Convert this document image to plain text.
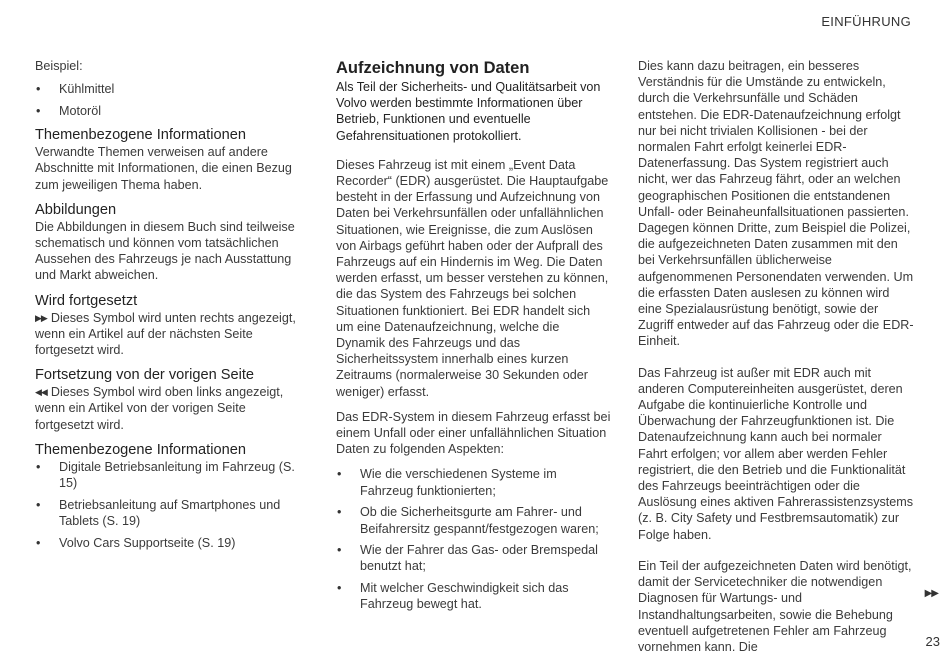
EINFÜHRUNG

Beispiel:

• Kühlmittel
• Motoröl
Themenbezogene Informationen

Verwandte Themen verweisen auf andere Abschnitte mit Informationen, die einen Bezug zum jeweiligen Thema haben.

Abbildungen

Die Abbildungen in diesem Buch sind teilweise schematisch und können vom tatsächlichen Aussehen des Fahrzeugs je nach Ausstattung und Markt abweichen.

Wird fortgesetzt

▶▶ Dieses Symbol wird unten rechts angezeigt, wenn ein Artikel auf der nächsten Seite fortgesetzt wird.

Fortsetzung von der vorigen Seite

◀◀ Dieses Symbol wird oben links angezeigt, wenn ein Artikel von der vorigen Seite fortgesetzt wird.

Themenbezogene Informationen
• Digitale Betriebsanleitung im Fahrzeug (S. 15)
• Betriebsanleitung auf Smartphones und Tablets (S. 19)
• Volvo Cars Supportseite (S. 19)
Aufzeichnung von Daten

Als Teil der Sicherheits- und Qualitätsarbeit von Volvo werden bestimmte Informationen über Betrieb, Funktionen und eventuelle Gefahrensituationen protokolliert.

Dieses Fahrzeug ist mit einem „Event Data Recorder“ (EDR) ausgerüstet. Die Hauptaufgabe besteht in der Erfassung und Aufzeichnung von Daten bei Verkehrsunfällen oder unfallähnlichen Situationen, wie Ereignisse, die zum Auslösen von Airbags geführt haben oder der Aufprall des Fahrzeugs auf ein Hindernis im Weg. Die Daten werden erfasst, um besser verstehen zu können, die das System des Fahrzeugs bei solchen Situationen funktioniert. Bei EDR handelt sich um eine Datenaufzeichnung, welche die Dynamik des Fahrzeugs und das Sicherheitssystem innerhalb eines kurzen Zeitraums (normalerweise 30 Sekunden oder weniger) erfasst.

Das EDR-System in diesem Fahrzeug erfasst bei einem Unfall oder einer unfallähnlichen Situation Daten zu folgenden Aspekten:

• Wie die verschiedenen Systeme im Fahrzeug funktionierten;
• Ob die Sicherheitsgurte am Fahrer- und Beifahrersitz gespannt/festgezogen waren;
• Wie der Fahrer das Gas- oder Bremspedal benutzt hat;
• Mit welcher Geschwindigkeit sich das Fahrzeug bewegt hat.

Dies kann dazu beitragen, ein besseres Verständnis für die Umstände zu entwickeln, durch die Verkehrsunfälle und Schäden entstehen. Die EDR-Datenaufzeichnung erfolgt nur bei nicht trivialen Kollisionen - bei der normalen Fahrt erfolgt keinerlei EDR-Datenerfassung. Das System registriert auch nicht, wer das Fahrzeug fährt, oder an welchen geographischen Positionen die entstandenen Unfall- oder Beinaheunfallsituationen passierten. Dagegen können Dritte, zum Beispiel die Polizei, die aufgezeichneten Daten zusammen mit den bei Verkehrsunfällen üblicherweise aufgenommenen Personendaten verwenden. Um die erfassten Daten auslesen zu können wird eine Spezialausrüstung benötigt, sowie der Zugriff entweder auf das Fahrzeug oder die EDR-Einheit.

Das Fahrzeug ist außer mit EDR auch mit anderen Computereinheiten ausgerüstet, deren Aufgabe die kontinuierliche Kontrolle und Überwachung der Fahrzeugfunktionen ist. Die Datenaufzeichnung kann auch bei normaler Fahrt erfolgen; vor allem aber werden Fehler registriert, die den Betrieb und die Funktionalität des Fahrzeugs beeinträchtigen oder die Auslösung eines aktiven Fahrerassistenzsystems (z. B. City Safety und Festbremsautomatik) zur Folge haben.

Ein Teil der aufgezeichneten Daten wird benötigt, damit der Servicetechniker die notwendigen Diagnosen für Wartungs- und Instandhaltungsarbeiten, sowie die Behebung eventuell aufgetretenen Fehler am Fahrzeug vornehmen kann. Die

▶▶
23
